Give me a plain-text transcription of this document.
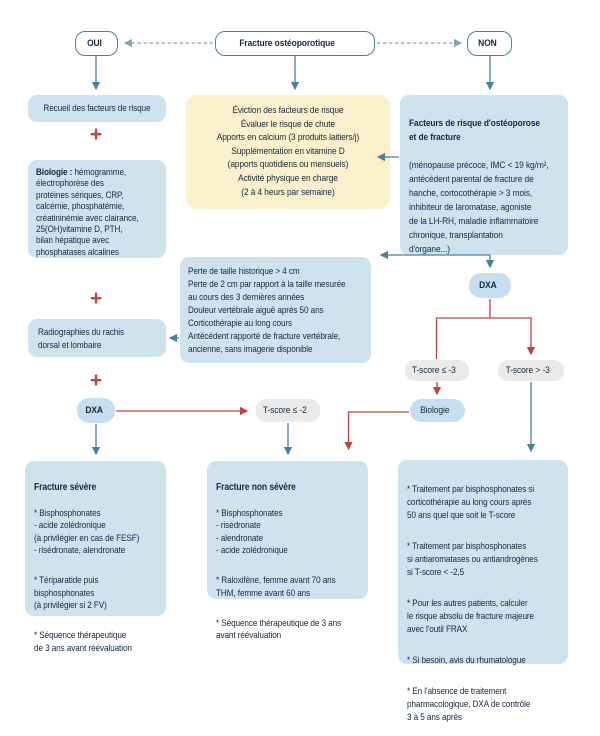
OUI	Fracture ostéoporotique	NON
Recueil des facteurs de risque
+
Biologie : hémogramme,
électrophorèse des
protéines sériques, CRP,
calcémie, phosphatémie,
créatininémie avec clairance,
25(OH)vitamine D, PTH,
bilan hépatique avec
phosphatases alcalines
+
Radiographies du rachis
dorsal et lombaire
+
DXA
Éviction des facteurs de risque
Évaluer le risque de chute
Apports en calcium (3 produits laitiers/j)
Supplémentation en vitamine D
(apports quotidiens ou mensuels)
Activité physique en charge
(2 à 4 heurs par semaine)

Facteurs de risque d'ostéoporose
et de fracture

(ménopause précoce, IMC < 19 kg/m²,
antécédent parental de fracture de
hanche, cortocothérapie > 3 mois,
inhibiteur de laromatase, agoniste
de la LH-RH, maladie inflammatoire
chronique, transplantation
d'organe...)

Perte de taille historique > 4 cm
Perte de 2 cm par rapport à la taille mesurée
au cours des 3 dernières années
Douleur vertébrale aiguë après 50 ans
Corticothérapie au long cours
Antécédent rapporté de fracture vertébrale,
ancienne, sans imagerie disponible
DXA
T-score ≤ -3	T-score > -3
Biologie
T-score ≤ -2

Fracture sévère

* Bisphosphonates
- acide zolédronique
(à privilégier en cas de FESF)
- risédronate, alendronate

* Tériparatide puis
bisphosphonates
(à privilégier si 2 FV)

* Séquence thérapeutique
de 3 ans avant réévaluation

Fracture non sévère

* Bisphosphonates
- risédronate
- alendronate
- acide zolédronique

* Raloxifène, femme avant 70 ans
THM, femme avant 60 ans

* Séquence thérapeutique de 3 ans
avant réévaluation

* Traitement par bisphosphonates si
corticothérapie au long cours après
50 ans quel que soit le T-score

* Traitement par bisphosphonates
si antiaromatases ou antiandrogènes
si T-score < -2,5

* Pour les autres patients, calculer
le risque absolu de fracture majeure
avec l'outil FRAX

* Si besoin, avis du rhumatologue

* En l'absence de traitement
pharmacologique, DXA de contrôle
3 à 5 ans après
